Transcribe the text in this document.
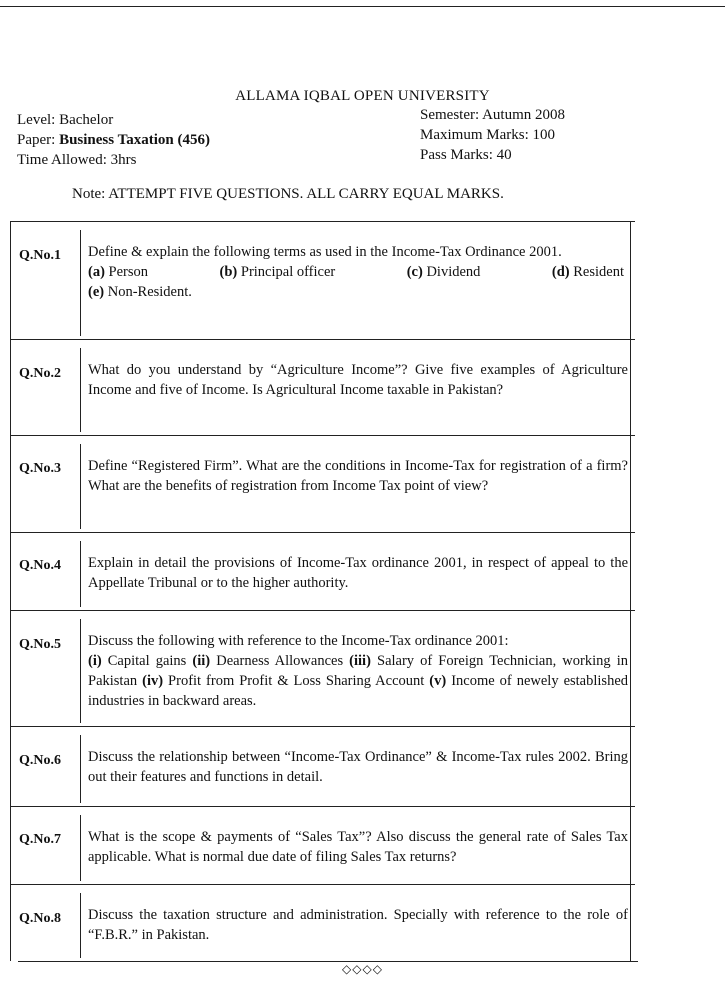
ALLAMA IQBAL OPEN UNIVERSITY
Level: Bachelor
Paper: Business Taxation (456)
Time Allowed: 3hrs
Semester: Autumn 2008
Maximum Marks: 100
Pass Marks: 40
Note: ATTEMPT FIVE QUESTIONS. ALL CARRY EQUAL MARKS.
Q.No.1 Define & explain the following terms as used in the Income-Tax Ordinance 2001.
(a) Person	(b) Principal officer	(c) Dividend	(d) Resident
(e) Non-Resident.
Q.No.2 What do you understand by “Agriculture Income”? Give five examples of Agriculture Income and five of Income. Is Agricultural Income taxable in Pakistan?
Q.No.3 Define “Registered Firm”. What are the conditions in Income-Tax for registration of a firm? What are the benefits of registration from Income Tax point of view?
Q.No.4 Explain in detail the provisions of Income-Tax ordinance 2001, in respect of appeal to the Appellate Tribunal or to the higher authority.
Q.No.5 Discuss the following with reference to the Income-Tax ordinance 2001:
(i) Capital gains (ii) Dearness Allowances (iii) Salary of Foreign Technician, working in Pakistan (iv) Profit from Profit & Loss Sharing Account (v) Income of newely established industries in backward areas.
Q.No.6 Discuss the relationship between “Income-Tax Ordinance” & Income-Tax rules 2002. Bring out their features and functions in detail.
Q.No.7 What is the scope & payments of “Sales Tax”? Also discuss the general rate of Sales Tax applicable. What is normal due date of filing Sales Tax returns?
Q.No.8 Discuss the taxation structure and administration. Specially with reference to the role of “F.B.R.” in Pakistan.
◇◇◇◇
